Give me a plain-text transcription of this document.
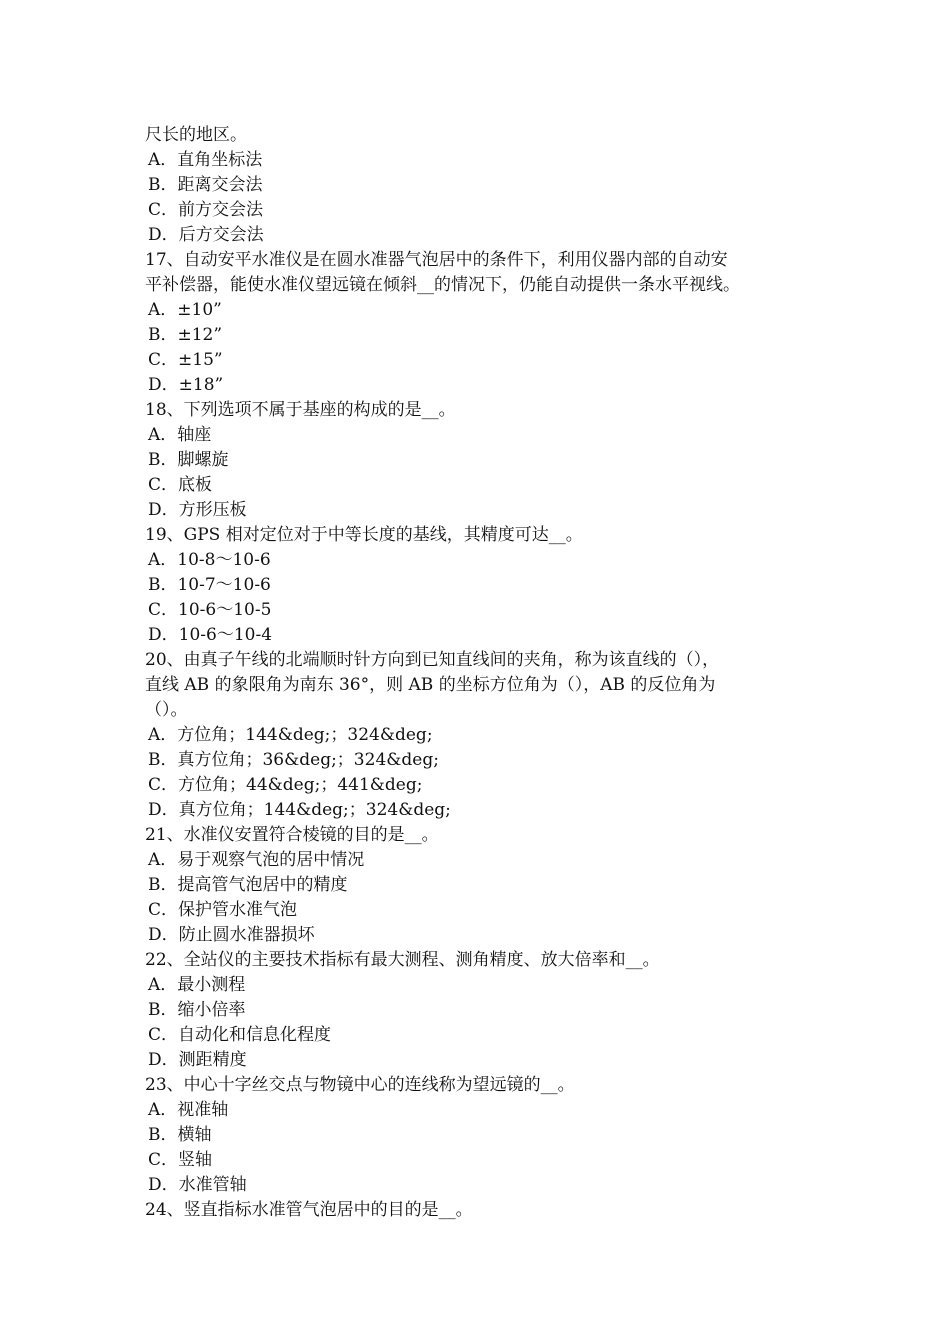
尺长的地区。
A．直角坐标法
B．距离交会法
C．前方交会法
D．后方交会法
17、自动安平水准仪是在圆水准器气泡居中的条件下，利用仪器内部的自动安
平补偿器，能使水准仪望远镜在倾斜__的情况下，仍能自动提供一条水平视线。
A．±10”
B．±12”
C．±15”
D．±18”
18、下列选项不属于基座的构成的是__。
A．轴座
B．脚螺旋
C．底板
D．方形压板
19、GPS 相对定位对于中等长度的基线，其精度可达__。
A．10-8～10-6
B．10-7～10-6
C．10-6～10-5
D．10-6～10-4
20、由真子午线的北端顺时针方向到已知直线间的夹角，称为该直线的（），
直线 AB 的象限角为南东 36°，则 AB 的坐标方位角为（），AB 的反位角为
（）。
A．方位角；144&deg;；324&deg;
B．真方位角；36&deg;；324&deg;
C．方位角；44&deg;；441&deg;
D．真方位角；144&deg;；324&deg;
21、水准仪安置符合棱镜的目的是__。
A．易于观察气泡的居中情况
B．提高管气泡居中的精度
C．保护管水准气泡
D．防止圆水准器损坏
22、全站仪的主要技术指标有最大测程、测角精度、放大倍率和__。
A．最小测程
B．缩小倍率
C．自动化和信息化程度
D．测距精度
23、中心十字丝交点与物镜中心的连线称为望远镜的__。
A．视准轴
B．横轴
C．竖轴
D．水准管轴
24、竖直指标水准管气泡居中的目的是__。
